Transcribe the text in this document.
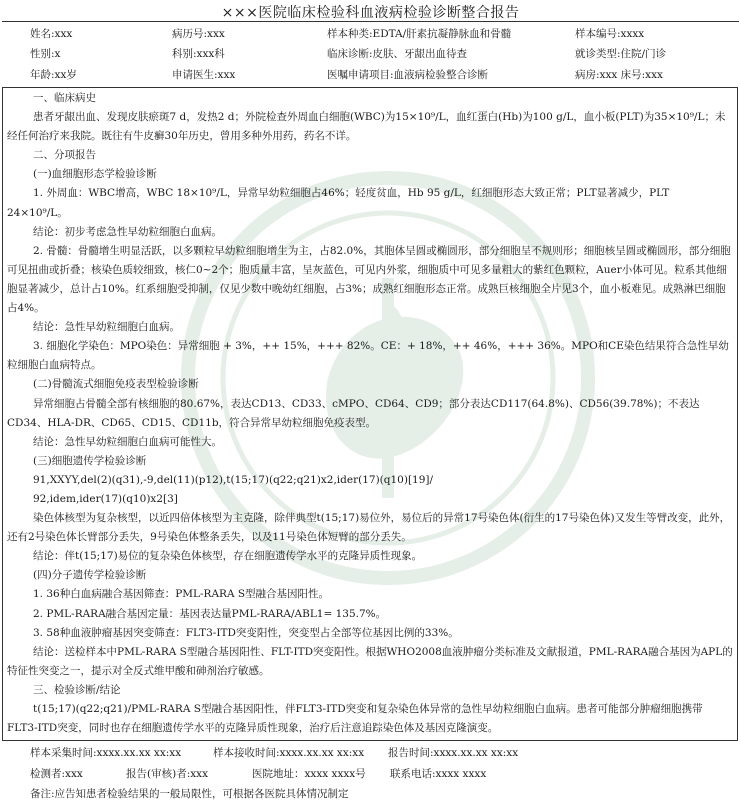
×××医院临床检验科血液病检验诊断整合报告
姓名:xxx	病历号:xxx	样本种类:EDTA/肝素抗凝静脉血和骨髓	样本编号:xxxx
性别:x	科别:xxx科	临床诊断:皮肤、牙龈出血待查	就诊类型:住院/门诊
年龄:xx岁	申请医生:xxx	医嘱申请项目:血液病检验整合诊断	病房:xxx 床号:xxx

一、临床病史

患者牙龈出血、发现皮肤瘀斑7 d，发热2 d；外院检查外周血白细胞(WBC)为15×10⁹/L，血红蛋白(Hb)为100 g/L，血小板(PLT)为35×10⁹/L；未经任何治疗来我院。既往有牛皮癣30年历史，曾用多种外用药，药名不详。

二、分项报告

(一)血细胞形态学检验诊断

1. 外周血：WBC增高，WBC 18×10⁹/L，异常早幼粒细胞占46%；轻度贫血，Hb 95 g/L，红细胞形态大致正常；PLT显著减少，PLT 24×10⁹/L。

结论：初步考虑急性早幼粒细胞白血病。

2. 骨髓：骨髓增生明显活跃，以多颗粒早幼粒细胞增生为主，占82.0%，其胞体呈圆或椭圆形，部分细胞呈不规则形；细胞核呈圆或椭圆形，部分细胞可见扭曲或折叠；核染色质较细致，核仁0~2个；胞质量丰富，呈灰蓝色，可见内外浆，细胞质中可见多量粗大的紫红色颗粒，Auer小体可见。粒系其他细胞显著减少，总计占10%。红系细胞受抑制，仅见少数中晚幼红细胞，占3%；成熟红细胞形态正常。成熟巨核细胞全片见3个，血小板难见。成熟淋巴细胞占4%。

结论：急性早幼粒细胞白血病。

3. 细胞化学染色：MPO染色：异常细胞 + 3%，++ 15%，+++ 82%。CE：+ 18%，++ 46%，+++ 36%。MPO和CE染色结果符合急性早幼粒细胞白血病特点。

(二)骨髓流式细胞免疫表型检验诊断

异常细胞占骨髓全部有核细胞的80.67%，表达CD13、CD33、cMPO、CD64、CD9；部分表达CD117(64.8%)、CD56(39.78%)；不表达CD34、HLA-DR、CD65、CD15、CD11b，符合异常早幼粒细胞免疫表型。

结论：急性早幼粒细胞白血病可能性大。

(三)细胞遗传学检验诊断

91,XXYY,del(2)(q31),-9,del(11)(p12),t(15;17)(q22;q21)x2,ider(17)(q10)[19]/

92,idem,ider(17)(q10)x2[3]

染色体核型为复杂核型，以近四倍体核型为主克隆，除伴典型t(15;17)易位外，易位后的异常17号染色体(衍生的17号染色体)又发生等臂改变，此外，还有2号染色体长臂部分丢失，9号染色体整条丢失，以及11号染色体短臂的部分丢失。

结论：伴t(15;17)易位的复杂染色体核型，存在细胞遗传学水平的克隆异质性现象。

(四)分子遗传学检验诊断

1. 36种白血病融合基因筛查：PML-RARA S型融合基因阳性。

2. PML-RARA融合基因定量：基因表达量PML-RARA/ABL1= 135.7%。

3. 58种血液肿瘤基因突变筛查：FLT3-ITD突变阳性，突变型占全部等位基因比例的33%。

结论：送检样本中PML-RARA S型融合基因阳性、FLT-ITD突变阳性。根据WHO2008血液肿瘤分类标准及文献报道，PML-RARA融合基因为APL的特征性突变之一，提示对全反式维甲酸和砷剂治疗敏感。

三、检验诊断/结论

t(15;17)(q22;q21)/PML-RARA S型融合基因阳性，伴FLT3-ITD突变和复杂染色体异常的急性早幼粒细胞白血病。患者可能部分肿瘤细胞携带FLT3-ITD突变，同时也存在细胞遗传学水平的克隆异质性现象，治疗后注意追踪染色体及基因克隆演变。

样本采集时间:xxxx.xx.xx xx:xx	样本接收时间:xxxx.xx.xx xx:xx 报告时间:xxxx.xx.xx xx:xx
检测者:xxx	报告(审核)者:xxx	医院地址：xxxx xxxx号 联系电话:xxxx xxxx
备注:应告知患者检验结果的一般局限性，可根据各医院具体情况制定
